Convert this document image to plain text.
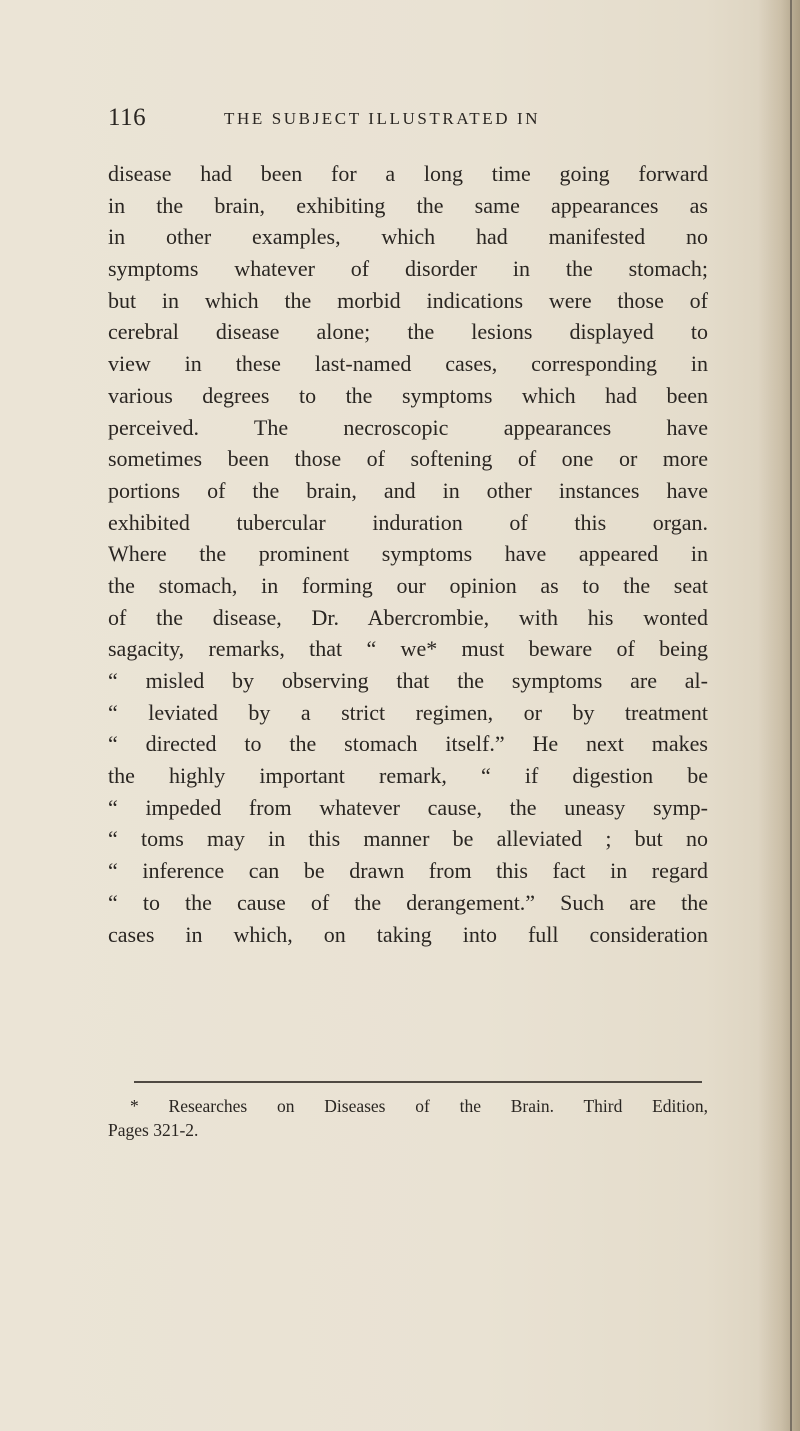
116	THE SUBJECT ILLUSTRATED IN
disease had been for a long time going forward
in the brain, exhibiting the same appearances as
in other examples, which had manifested no
symptoms whatever of disorder in the stomach;
but in which the morbid indications were those of
cerebral disease alone; the lesions displayed to
view in these last-named cases, corresponding in
various degrees to the symptoms which had been
perceived. The necroscopic appearances have
sometimes been those of softening of one or more
portions of the brain, and in other instances have
exhibited tubercular induration of this organ.
Where the prominent symptoms have appeared in
the stomach, in forming our opinion as to the seat
of the disease, Dr. Abercrombie, with his wonted
sagacity, remarks, that “ we* must beware of being
“ misled by observing that the symptoms are al-
“ leviated by a strict regimen, or by treatment
“ directed to the stomach itself.” He next makes
the highly important remark, “ if digestion be
“ impeded from whatever cause, the uneasy symp-
“ toms may in this manner be alleviated ; but no
“ inference can be drawn from this fact in regard
“ to the cause of the derangement.” Such are the
cases in which, on taking into full consideration
* Researches on Diseases of the Brain. Third Edition,
Pages 321-2.
